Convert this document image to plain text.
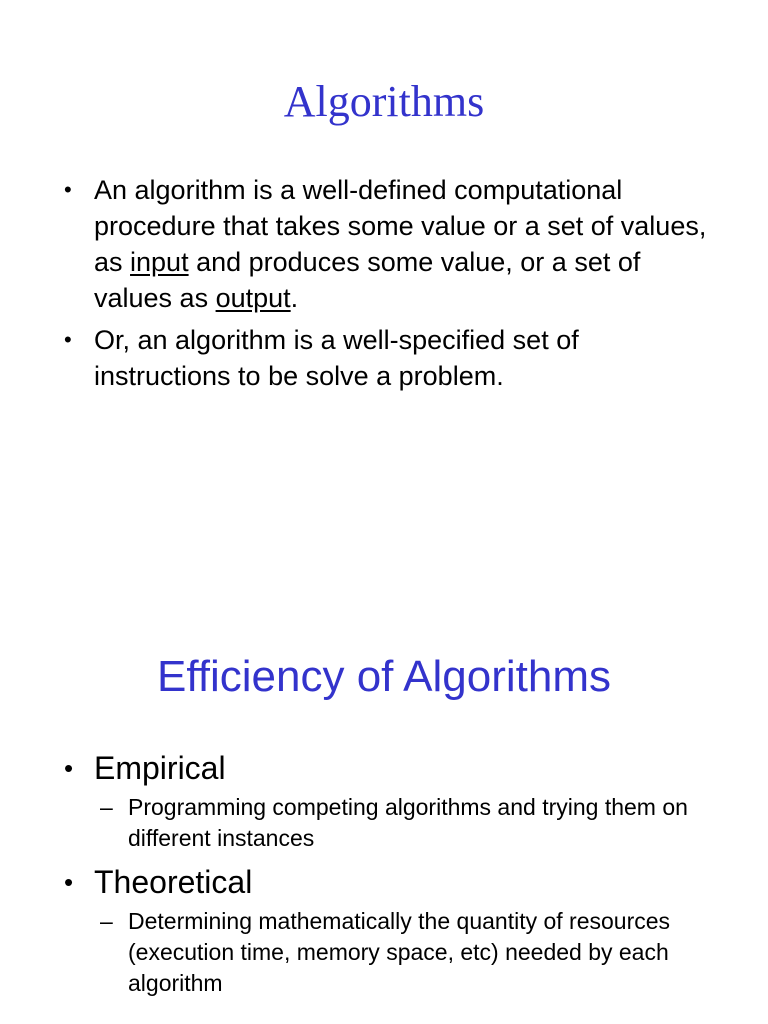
Algorithms
• An algorithm is a well-defined computational procedure that takes some value or a set of values, as input and produces some value, or a set of values as output.
• Or, an algorithm is a well-specified set of instructions to be solve a problem.
Efficiency of Algorithms
• Empirical
– Programming competing algorithms and trying them on different instances
• Theoretical
– Determining mathematically the quantity of resources (execution time, memory space, etc) needed by each algorithm
